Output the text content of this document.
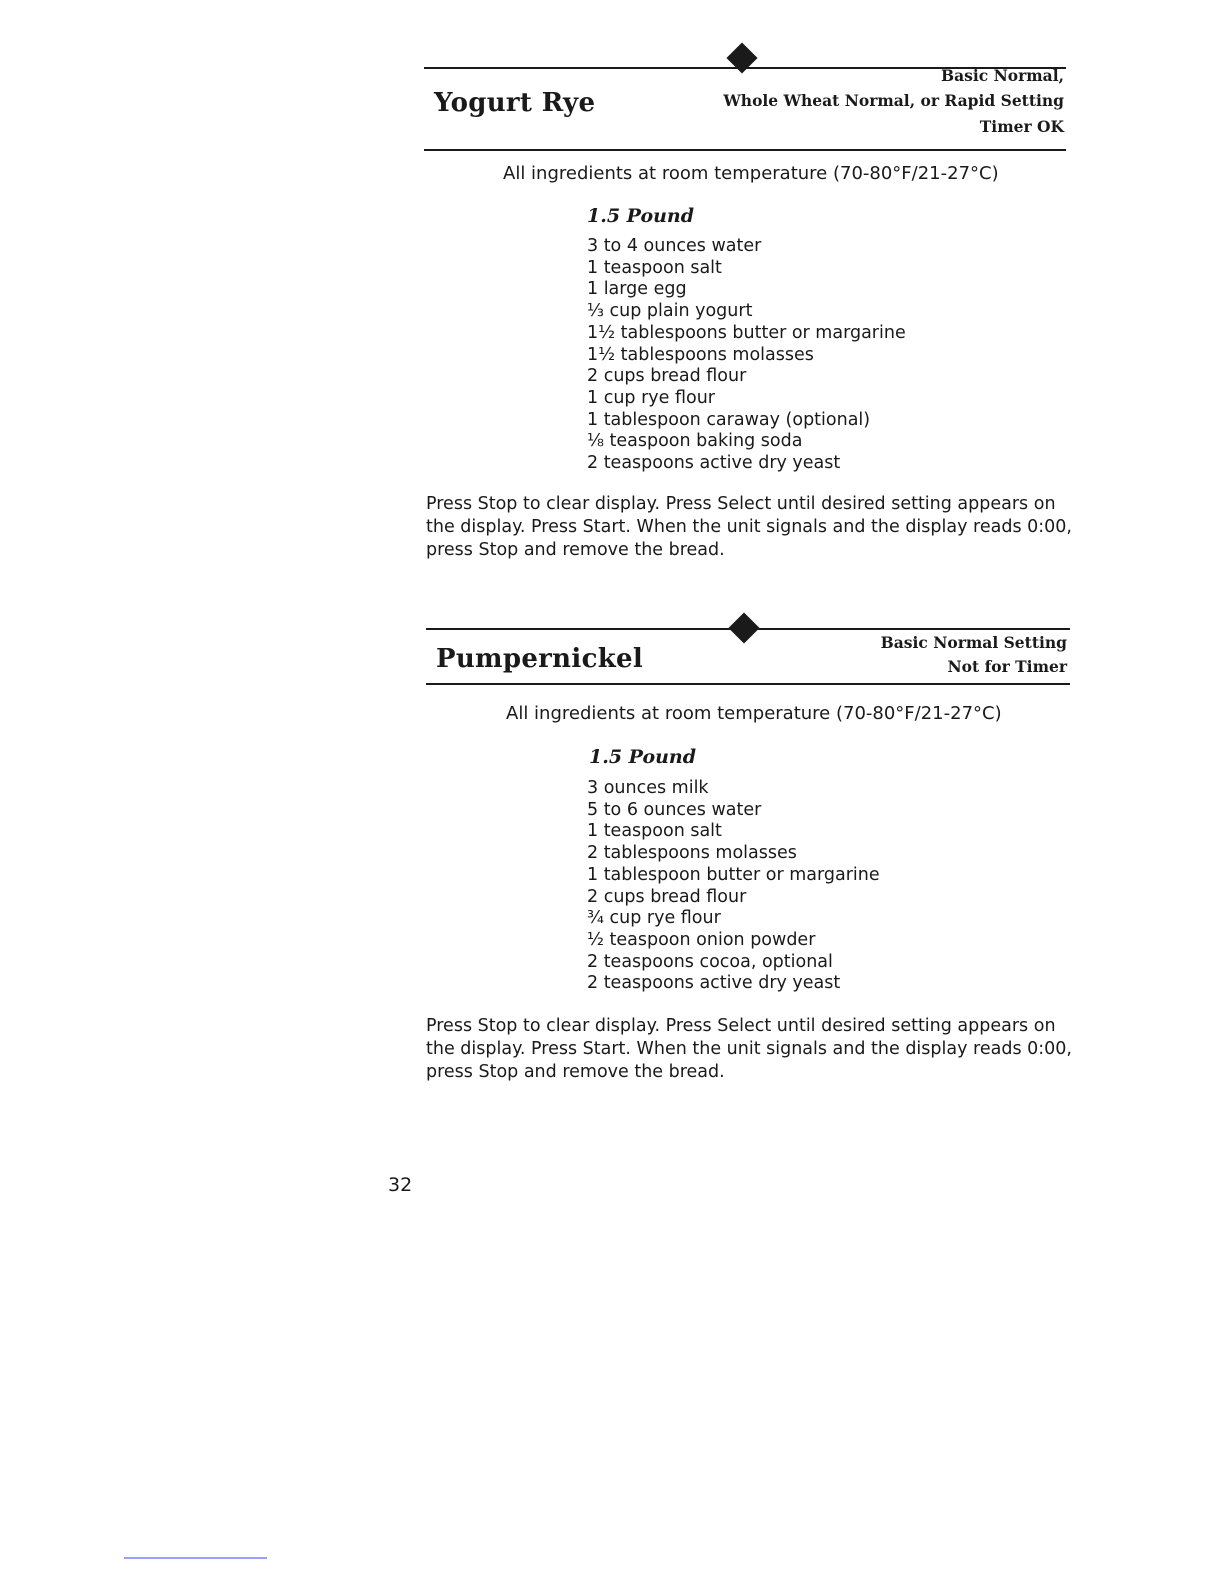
Yogurt Rye
Basic Normal,
Whole Wheat Normal, or Rapid Setting
Timer OK
All ingredients at room temperature (70-80°F/21-27°C)
1.5 Pound
3 to 4 ounces water
1 teaspoon salt
1 large egg
⅓ cup plain yogurt
1½ tablespoons butter or margarine
1½ tablespoons molasses
2 cups bread flour
1 cup rye flour
1 tablespoon caraway (optional)
⅛ teaspoon baking soda
2 teaspoons active dry yeast
Press Stop to clear display. Press Select until desired setting appears on the display. Press Start. When the unit signals and the display reads 0:00, press Stop and remove the bread.
Pumpernickel
Basic Normal Setting
Not for Timer
All ingredients at room temperature (70-80°F/21-27°C)
1.5 Pound
3 ounces milk
5 to 6 ounces water
1 teaspoon salt
2 tablespoons molasses
1 tablespoon butter or margarine
2 cups bread flour
¾ cup rye flour
½ teaspoon onion powder
2 teaspoons cocoa, optional
2 teaspoons active dry yeast
Press Stop to clear display. Press Select until desired setting appears on the display. Press Start. When the unit signals and the display reads 0:00, press Stop and remove the bread.
32
